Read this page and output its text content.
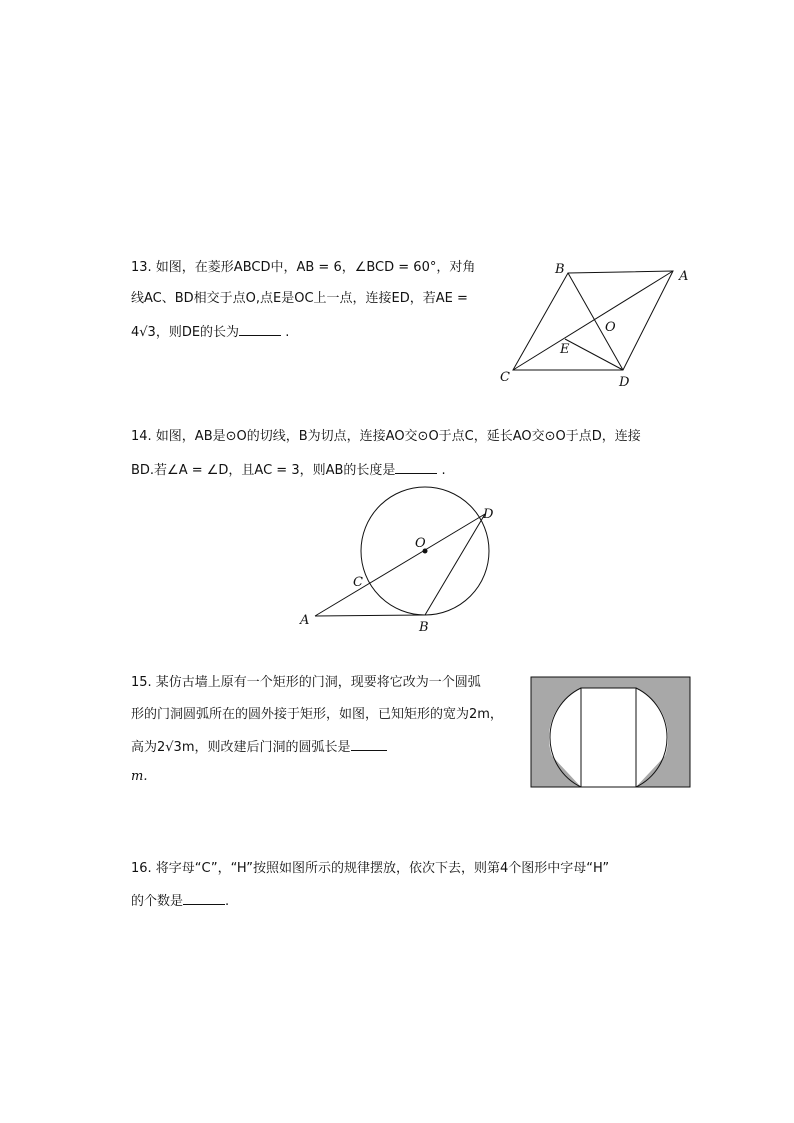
13. 如图，在菱形ABCD中，AB = 6，∠BCD = 60°，对角
线AC、BD相交于点O,点E是OC上一点，连接ED，若AE =
4√3，则DE的长为	.
B	A
O
E
C	D
14. 如图，AB是⊙O的切线，B为切点，连接AO交⊙O于点C，延长AO交⊙O于点D，连接
BD.若∠A = ∠D，且AC = 3，则AB的长度是	.
O
D
C
A	B
15. 某仿古墙上原有一个矩形的门洞，现要将它改为一个圆弧
形的门洞圆弧所在的圆外接于矩形，如图，已知矩形的宽为2m，
高为2√3m，则改建后门洞的圆弧长是
m.
16. 将字母“C”，“H”按照如图所示的规律摆放，依次下去，则第4个图形中字母“H”
的个数是	.
